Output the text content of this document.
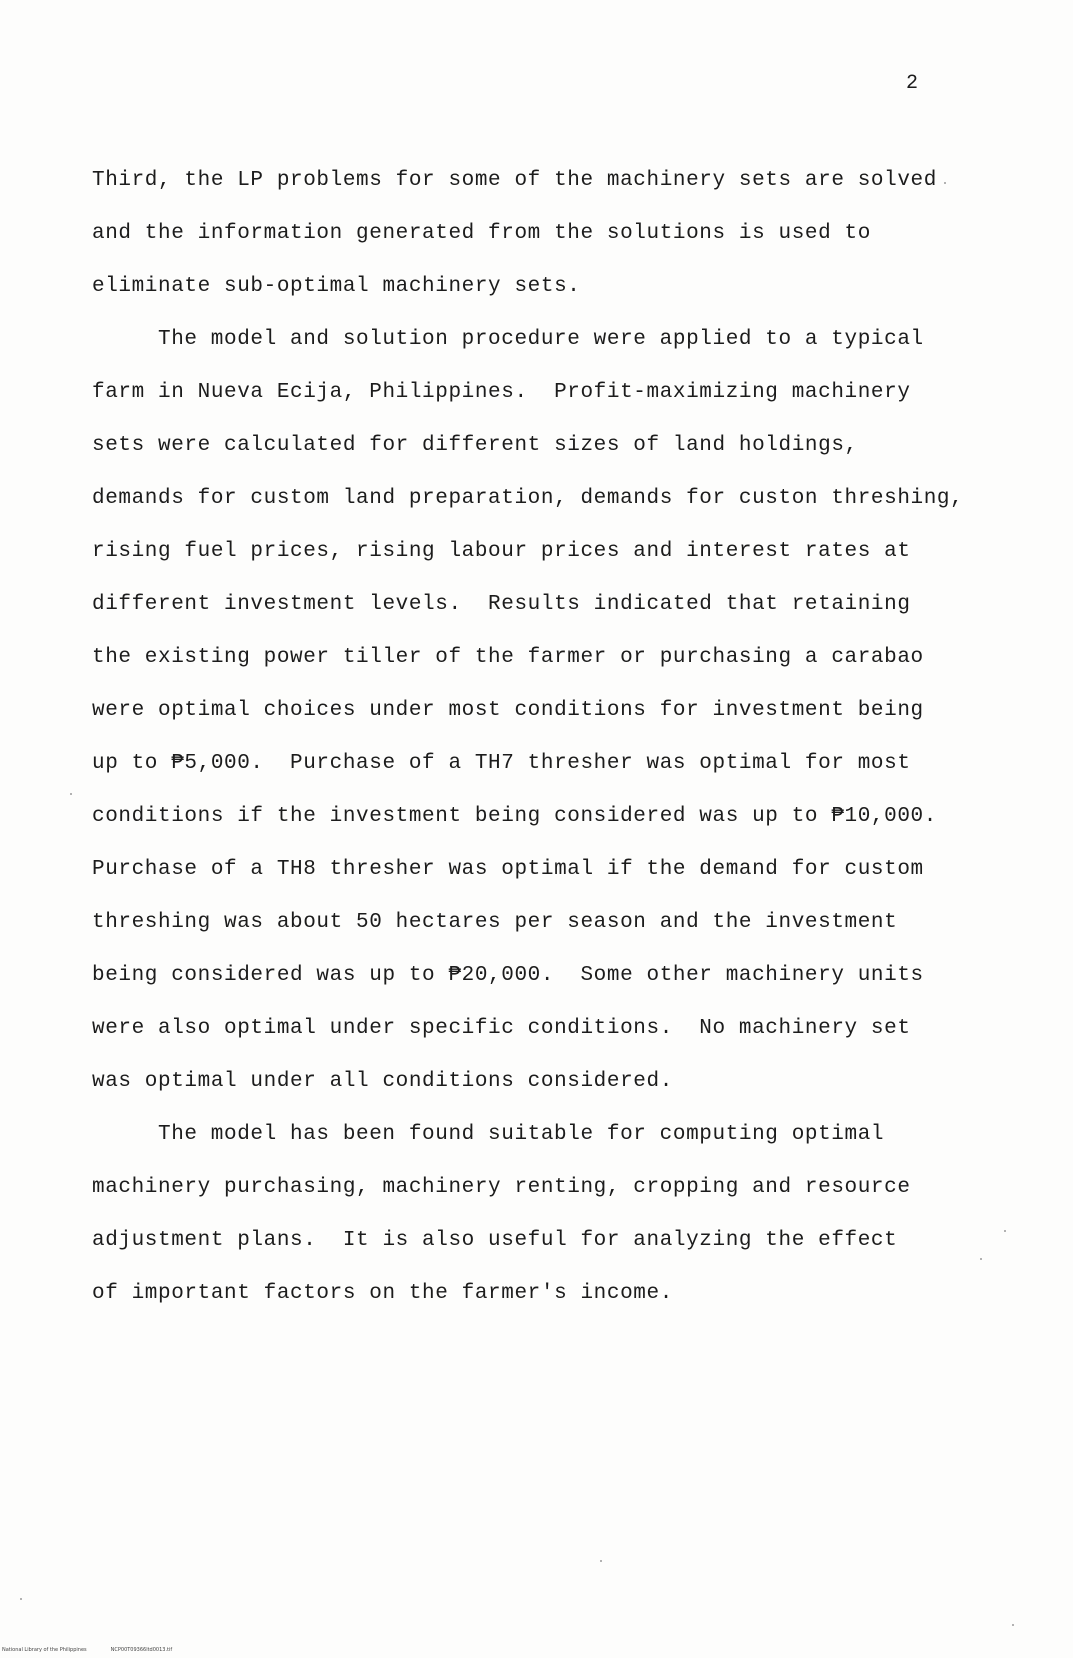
2
Third, the LP problems for some of the machinery sets are solved
and the information generated from the solutions is used to
eliminate sub-optimal machinery sets.
The model and solution procedure were applied to a typical
farm in Nueva Ecija, Philippines.  Profit-maximizing machinery
sets were calculated for different sizes of land holdings,
demands for custom land preparation, demands for custon threshing,
rising fuel prices, rising labour prices and interest rates at
different investment levels.  Results indicated that retaining
the existing power tiller of the farmer or purchasing a carabao
were optimal choices under most conditions for investment being
up to ₱5,000.  Purchase of a TH7 thresher was optimal for most
conditions if the investment being considered was up to ₱10,000.
Purchase of a TH8 thresher was optimal if the demand for custom
threshing was about 50 hectares per season and the investment
being considered was up to ₱20,000.  Some other machinery units
were also optimal under specific conditions.  No machinery set
was optimal under all conditions considered.
The model has been found suitable for computing optimal
machinery purchasing, machinery renting, cropping and resource
adjustment plans.  It is also useful for analyzing the effect
of important factors on the farmer's income.
National Library of the Philippines	NCP00T09366ltd0013.tif
